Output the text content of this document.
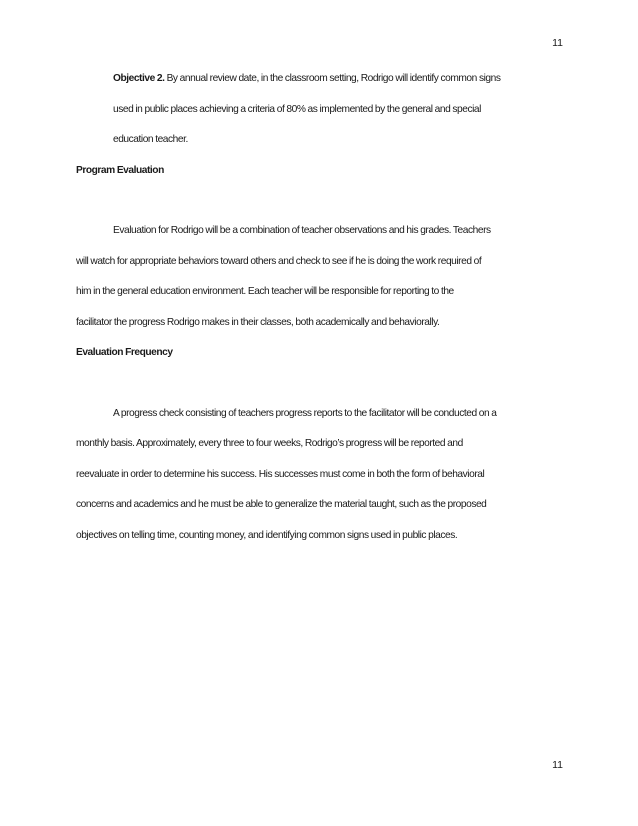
11
Objective 2. By annual review date, in the classroom setting, Rodrigo will identify common signs
used in public places achieving a criteria of 80% as implemented by the general and special
education teacher.
Program Evaluation
Evaluation for Rodrigo will be a combination of teacher observations and his grades. Teachers
will watch for appropriate behaviors toward others and check to see if he is doing the work required of
him in the general education environment. Each teacher will be responsible for reporting to the
facilitator the progress Rodrigo makes in their classes, both academically and behaviorally.
Evaluation Frequency
A progress check consisting of teachers progress reports to the facilitator will be conducted on a
monthly basis. Approximately, every three to four weeks, Rodrigo’s progress will be reported and
reevaluate in order to determine his success. His successes must come in both the form of behavioral
concerns and academics and he must be able to generalize the material taught, such as the proposed
objectives on telling time, counting money, and identifying common signs used in public places.
11
